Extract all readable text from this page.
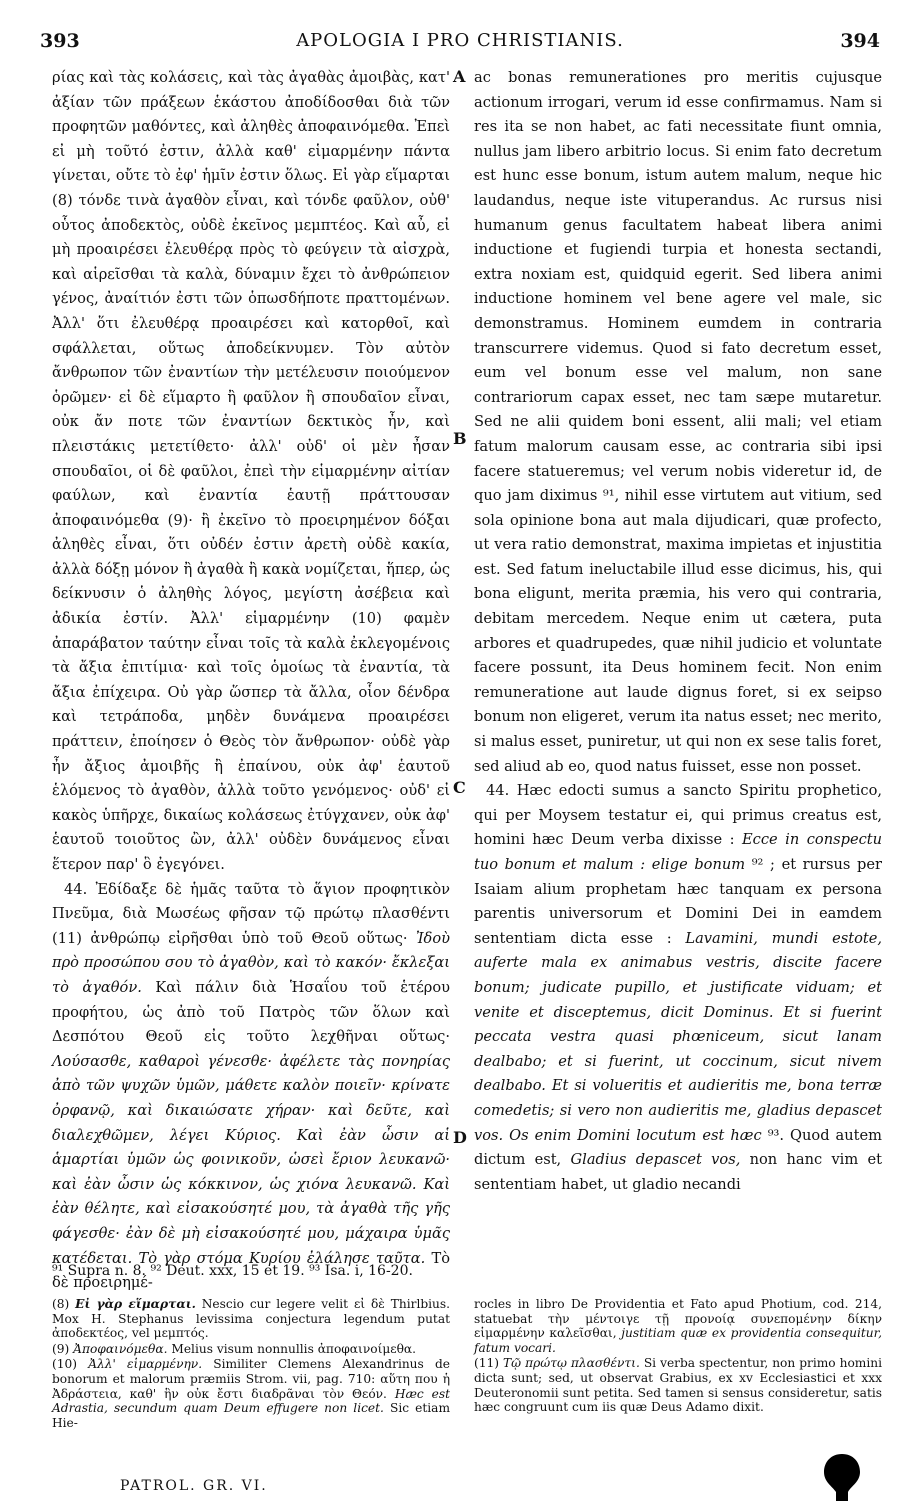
393	APOLOGIA I PRO CHRISTIANIS.	394

ρίας καὶ τὰς κολάσεις, καὶ τὰς ἀγαθὰς ἀμοιβὰς, κατ' ἀξίαν τῶν πράξεων ἑκάστου ἀποδίδοσθαι διὰ τῶν προφητῶν μαθόντες, καὶ ἀληθὲς ἀποφαινόμεθα. Ἐπεὶ εἰ μὴ τοῦτό ἐστιν, ἀλλὰ καθ' εἱμαρμένην πάντα γίνεται, οὔτε τὸ ἐφ' ἡμῖν ἐστιν ὅλως. Εἰ γὰρ εἵμαρται (8) τόνδε τινὰ ἀγαθὸν εἶναι, καὶ τόνδε φαῦλον, οὐθ' οὗτος ἀποδεκτὸς, οὐδὲ ἐκεῖνος μεμπτέος. Καὶ αὖ, εἰ μὴ προαιρέσει ἐλευθέρᾳ πρὸς τὸ φεύγειν τὰ αἰσχρὰ, καὶ αἱρεῖσθαι τὰ καλὰ, δύναμιν ἔχει τὸ ἀνθρώπειον γένος, ἀναίτιόν ἐστι τῶν ὁπωσδήποτε πραττομένων. Ἀλλ' ὅτι ἐλευθέρᾳ προαιρέσει καὶ κατορθοῖ, καὶ σφάλλεται, οὕτως ἀποδείκνυμεν. Τὸν αὐτὸν ἄνθρωπον τῶν ἐναντίων τὴν μετέλευσιν ποιούμενον ὁρῶμεν· εἰ δὲ εἵμαρτο ἢ φαῦλον ἢ σπουδαῖον εἶναι, οὐκ ἄν ποτε τῶν ἐναντίων δεκτικὸς ἦν, καὶ πλειστάκις μετετίθετο· ἀλλ' οὐδ' οἱ μὲν ἦσαν σπουδαῖοι, οἱ δὲ φαῦλοι, ἐπεὶ τὴν εἱμαρμένην αἰτίαν φαύλων, καὶ ἐναντία ἑαυτῇ πράττουσαν ἀποφαινόμεθα (9)· ἢ ἐκεῖνο τὸ προειρημένον δόξαι ἀληθὲς εἶναι, ὅτι οὐδέν ἐστιν ἀρετὴ οὐδὲ κακία, ἀλλὰ δόξῃ μόνον ἢ ἀγαθὰ ἢ κακὰ νομίζεται, ἥπερ, ὡς δείκνυσιν ὁ ἀληθὴς λόγος, μεγίστη ἀσέβεια καὶ ἀδικία ἐστίν. Ἀλλ' εἱμαρμένην (10) φαμὲν ἀπαράβατον ταύτην εἶναι τοῖς τὰ καλὰ ἐκλεγομένοις τὰ ἄξια ἐπιτίμια· καὶ τοῖς ὁμοίως τὰ ἐναντία, τὰ ἄξια ἐπίχειρα. Οὐ γὰρ ὥσπερ τὰ ἄλλα, οἷον δένδρα καὶ τετράποδα, μηδὲν δυνάμενα προαιρέσει πράττειν, ἐποίησεν ὁ Θεὸς τὸν ἄνθρωπον· οὐδὲ γὰρ ἦν ἄξιος ἀμοιβῆς ἢ ἐπαίνου, οὐκ ἀφ' ἑαυτοῦ ἑλόμενος τὸ ἀγαθὸν, ἀλλὰ τοῦτο γενόμενος· οὐδ' εἰ κακὸς ὑπῆρχε, δικαίως κολάσεως ἐτύγχανεν, οὐκ ἀφ' ἑαυτοῦ τοιοῦτος ὢν, ἀλλ' οὐδὲν δυνάμενος εἶναι ἕτερον παρ' ὃ ἐγεγόνει.

44. Ἐδίδαξε δὲ ἡμᾶς ταῦτα τὸ ἅγιον προφητικὸν Πνεῦμα, διὰ Μωσέως φῆσαν τῷ πρώτῳ πλασθέντι (11) ἀνθρώπῳ εἰρῆσθαι ὑπὸ τοῦ Θεοῦ οὕτως· Ἰδοὺ πρὸ προσώπου σου τὸ ἀγαθὸν, καὶ τὸ κακόν· ἔκλεξαι τὸ ἀγαθόν. Καὶ πάλιν διὰ Ἡσαΐου τοῦ ἑτέρου προφήτου, ὡς ἀπὸ τοῦ Πατρὸς τῶν ὅλων καὶ Δεσπότου Θεοῦ εἰς τοῦτο λεχθῆναι οὕτως· Λούσασθε, καθαροὶ γένεσθε· ἀφέλετε τὰς πονηρίας ἀπὸ τῶν ψυχῶν ὑμῶν, μάθετε καλὸν ποιεῖν· κρίνατε ὀρφανῷ, καὶ δικαιώσατε χήραν· καὶ δεῦτε, καὶ διαλεχθῶμεν, λέγει Κύριος. Καὶ ἐὰν ὦσιν αἱ ἁμαρτίαι ὑμῶν ὡς φοινικοῦν, ὡσεὶ ἔριον λευκανῶ· καὶ ἐὰν ὦσιν ὡς κόκκινον, ὡς χιόνα λευκανῶ. Καὶ ἐὰν θέλητε, καὶ εἰσακούσητέ μου, τὰ ἀγαθὰ τῆς γῆς φάγεσθε· ἐὰν δὲ μὴ εἰσακούσητέ μου, μάχαιρα ὑμᾶς κατέδεται. Τὸ γὰρ στόμα Κυρίου ἐλάλησε ταῦτα. Τὸ δὲ προειρημέ-

A
B
C
D

ac bonas remunerationes pro meritis cujusque actionum irrogari, verum id esse confirmamus. Nam si res ita se non habet, ac fati necessitate fiunt omnia, nullus jam libero arbitrio locus. Si enim fato decretum est hunc esse bonum, istum autem malum, neque hic laudandus, neque iste vituperandus. Ac rursus nisi humanum genus facultatem habeat libera animi inductione et fugiendi turpia et honesta sectandi, extra noxiam est, quidquid egerit. Sed libera animi inductione hominem vel bene agere vel male, sic demonstramus. Hominem eumdem in contraria transcurrere videmus. Quod si fato decretum esset, eum vel bonum esse vel malum, non sane contrariorum capax esset, nec tam sæpe mutaretur. Sed ne alii quidem boni essent, alii mali; vel etiam fatum malorum causam esse, ac contraria sibi ipsi facere statueremus; vel verum nobis videretur id, de quo jam diximus ⁹¹, nihil esse virtutem aut vitium, sed sola opinione bona aut mala dijudicari, quæ profecto, ut vera ratio demonstrat, maxima impietas et injustitia est. Sed fatum ineluctabile illud esse dicimus, his, qui bona eligunt, merita præmia, his vero qui contraria, debitam mercedem. Neque enim ut cætera, puta arbores et quadrupedes, quæ nihil judicio et voluntate facere possunt, ita Deus hominem fecit. Non enim remuneratione aut laude dignus foret, si ex seipso bonum non eligeret, verum ita natus esset; nec merito, si malus esset, puniretur, ut qui non ex sese talis foret, sed aliud ab eo, quod natus fuisset, esse non posset.

44. Hæc edocti sumus a sancto Spiritu prophetico, qui per Moysem testatur ei, qui primus creatus est, homini hæc Deum verba dixisse : Ecce in conspectu tuo bonum et malum : elige bonum ⁹² ; et rursus per Isaiam alium prophetam hæc tanquam ex persona parentis universorum et Domini Dei in eamdem sententiam dicta esse : Lavamini, mundi estote, auferte mala ex animabus vestris, discite facere bonum; judicate pupillo, et justificate viduam; et venite et disceptemus, dicit Dominus. Et si fuerint peccata vestra quasi phœniceum, sicut lanam dealbabo; et si fuerint, ut coccinum, sicut nivem dealbabo. Et si volueritis et audieritis me, bona terræ comedetis; si vero non audieritis me, gladius depascet vos. Os enim Domini locutum est hæc ⁹³. Quod autem dictum est, Gladius depascet vos, non hanc vim et sententiam habet, ut gladio necandi

⁹¹ Supra n. 8. ⁹² Deut. xxx, 15 et 19. ⁹³ Isa. i, 16-20.

(8) Εἰ γὰρ εἵμαρται. Nescio cur legere velit εἰ δὲ Thirlbius. Mox H. Stephanus levissima conjectura legendum putat ἀποδεκτέος, vel μεμπτός.

(9) Ἀποφαινόμεθα. Melius visum nonnullis ἀποφαινοίμεθα.

(10) Ἀλλ' εἱμαρμένην. Similiter Clemens Alexandrinus de bonorum et malorum præmiis Strom. vii, pag. 710: αὕτη που ἡ Ἀδράστεια, καθ' ἣν οὐκ ἔστι διαδρᾶναι τὸν Θεόν. Hæc est Adrastia, secundum quam Deum effugere non licet. Sic etiam Hie-

rocles in libro De Providentia et Fato apud Photium, cod. 214, statuebat τὴν μέντοιγε τῇ προνοίᾳ συνεπομένην δίκην εἱμαρμένην καλεῖσθαι, justitiam quæ ex providentia consequitur, fatum vocari.

(11) Τῷ πρώτῳ πλασθέντι. Si verba spectentur, non primo homini dicta sunt; sed, ut observat Grabius, ex xv Ecclesiastici et xxx Deuteronomii sunt petita. Sed tamen si sensus consideretur, satis hæc congruunt cum iis quæ Deus Adamo dixit.

PATROL. GR. VI.
